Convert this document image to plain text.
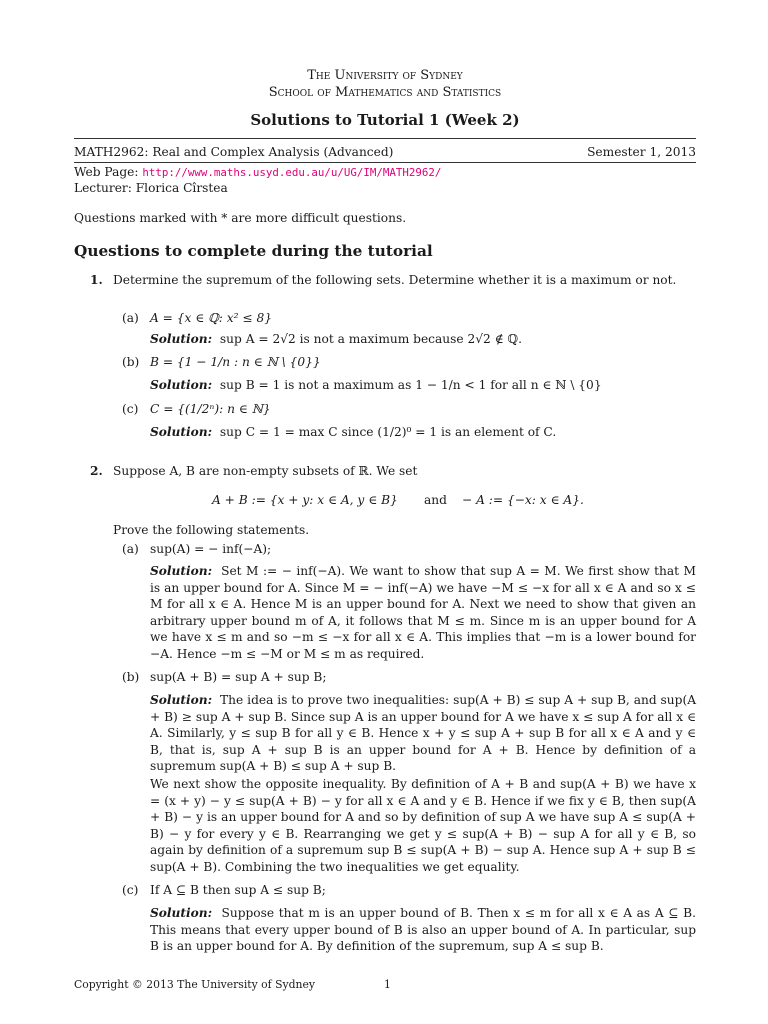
The University of Sydney
School of Mathematics and Statistics
Solutions to Tutorial 1 (Week 2)
MATH2962: Real and Complex Analysis (Advanced)	Semester 1, 2013
Web Page: http://www.maths.usyd.edu.au/u/UG/IM/MATH2962/
Lecturer: Florica Cîrstea
Questions marked with * are more difficult questions.
Questions to complete during the tutorial
1. Determine the supremum of the following sets. Determine whether it is a maximum or not.
(a) A = {x ∈ ℚ: x² ≤ 8}
Solution: sup A = 2√2 is not a maximum because 2√2 ∉ ℚ.
(b) B = {1 − 1/n : n ∈ ℕ \ {0}}
Solution: sup B = 1 is not a maximum as 1 − 1/n < 1 for all n ∈ ℕ \ {0}
(c) C = {(1/2ⁿ): n ∈ ℕ}
Solution: sup C = 1 = max C since (1/2)⁰ = 1 is an element of C.
2. Suppose A, B are non-empty subsets of ℝ. We set
A + B := {x + y: x ∈ A, y ∈ B} and − A := {−x: x ∈ A}.
Prove the following statements.
(a) sup(A) = − inf(−A);
Solution: Set M := − inf(−A). We want to show that sup A = M. We first show that M is an upper bound for A. Since M = − inf(−A) we have −M ≤ −x for all x ∈ A and so x ≤ M for all x ∈ A. Hence M is an upper bound for A. Next we need to show that given an arbitrary upper bound m of A, it follows that M ≤ m. Since m is an upper bound for A we have x ≤ m and so −m ≤ −x for all x ∈ A. This implies that −m is a lower bound for −A. Hence −m ≤ −M or M ≤ m as required.
(b) sup(A + B) = sup A + sup B;
Solution: The idea is to prove two inequalities: sup(A + B) ≤ sup A + sup B, and sup(A + B) ≥ sup A + sup B. Since sup A is an upper bound for A we have x ≤ sup A for all x ∈ A. Similarly, y ≤ sup B for all y ∈ B. Hence x + y ≤ sup A + sup B for all x ∈ A and y ∈ B, that is, sup A + sup B is an upper bound for A + B. Hence by definition of a supremum sup(A + B) ≤ sup A + sup B.
We next show the opposite inequality. By definition of A + B and sup(A + B) we have x = (x + y) − y ≤ sup(A + B) − y for all x ∈ A and y ∈ B. Hence if we fix y ∈ B, then sup(A + B) − y is an upper bound for A and so by definition of sup A we have sup A ≤ sup(A + B) − y for every y ∈ B. Rearranging we get y ≤ sup(A + B) − sup A for all y ∈ B, so again by definition of a supremum sup B ≤ sup(A + B) − sup A. Hence sup A + sup B ≤ sup(A + B). Combining the two inequalities we get equality.
(c) If A ⊆ B then sup A ≤ sup B;
Solution: Suppose that m is an upper bound of B. Then x ≤ m for all x ∈ A as A ⊆ B. This means that every upper bound of B is also an upper bound of A. In particular, sup B is an upper bound for A. By definition of the supremum, sup A ≤ sup B.
Copyright © 2013 The University of Sydney	1
